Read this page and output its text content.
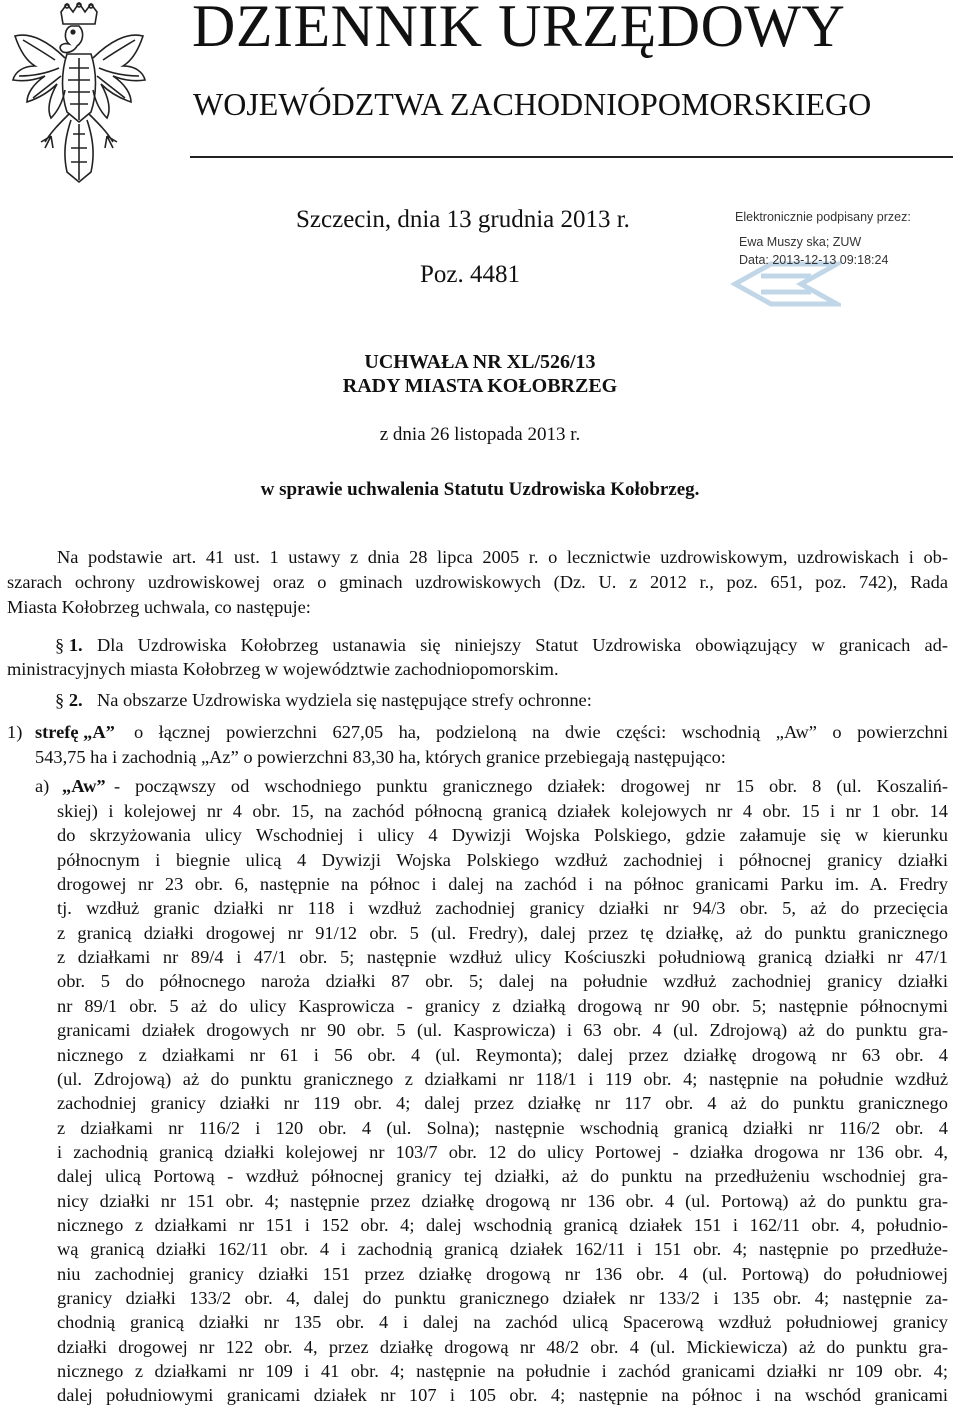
DZIENNIK URZĘDOWY
WOJEWÓDZTWA ZACHODNIOPOMORSKIEGO
Szczecin, dnia 13 grudnia 2013 r.
Poz. 4481
Elektronicznie podpisany przez:
Ewa Muszy ska; ZUW
Data: 2013-12-13 09:18:24
UCHWAŁA NR XL/526/13
RADY MIASTA KOŁOBRZEG
z dnia 26 listopada 2013 r.
w sprawie uchwalenia Statutu Uzdrowiska Kołobrzeg.
Na podstawie art. 41 ust. 1 ustawy z dnia 28 lipca 2005 r. o lecznictwie uzdrowiskowym, uzdrowiskach i ob-
szarach ochrony uzdrowiskowej oraz o gminach uzdrowiskowych (Dz. U. z 2012 r., poz. 651, poz. 742), Rada
Miasta Kołobrzeg uchwala, co następuje:
§ 1. Dla Uzdrowiska Kołobrzeg ustanawia się niniejszy Statut Uzdrowiska obowiązujący w granicach ad-
ministracyjnych miasta Kołobrzeg w województwie zachodniopomorskim.
§ 2. Na obszarze Uzdrowiska wydziela się następujące strefy ochronne:
1) strefę „A” o łącznej powierzchni 627,05 ha, podzieloną na dwie części: wschodnią „Aw” o powierzchni
543,75 ha i zachodnią „Az” o powierzchni 83,30 ha, których granice przebiegają następująco:
a) „Aw” - począwszy od wschodniego punktu granicznego działek: drogowej nr 15 obr. 8 (ul. Koszaliń-
skiej) i kolejowej nr 4 obr. 15, na zachód północną granicą działek kolejowych nr 4 obr. 15 i nr 1 obr. 14
do skrzyżowania ulicy Wschodniej i ulicy 4 Dywizji Wojska Polskiego, gdzie załamuje się w kierunku
północnym i biegnie ulicą 4 Dywizji Wojska Polskiego wzdłuż zachodniej i północnej granicy działki
drogowej nr 23 obr. 6, następnie na północ i dalej na zachód i na północ granicami Parku im. A. Fredry
tj. wzdłuż granic działki nr 118 i wzdłuż zachodniej granicy działki nr 94/3 obr. 5, aż do przecięcia
z granicą działki drogowej nr 91/12 obr. 5 (ul. Fredry), dalej przez tę działkę, aż do punktu granicznego
z działkami nr 89/4 i 47/1 obr. 5; następnie wzdłuż ulicy Kościuszki południową granicą działki nr 47/1
obr. 5 do północnego naroża działki 87 obr. 5; dalej na południe wzdłuż zachodniej granicy działki
nr 89/1 obr. 5 aż do ulicy Kasprowicza - granicy z działką drogową nr 90 obr. 5; następnie północnymi
granicami działek drogowych nr 90 obr. 5 (ul. Kasprowicza) i 63 obr. 4 (ul. Zdrojową) aż do punktu gra-
nicznego z działkami nr 61 i 56 obr. 4 (ul. Reymonta); dalej przez działkę drogową nr 63 obr. 4
(ul. Zdrojową) aż do punktu granicznego z działkami nr 118/1 i 119 obr. 4; następnie na południe wzdłuż
zachodniej granicy działki nr 119 obr. 4; dalej przez działkę nr 117 obr. 4 aż do punktu granicznego
z działkami nr 116/2 i 120 obr. 4 (ul. Solna); następnie wschodnią granicą działki nr 116/2 obr. 4
i zachodnią granicą działki kolejowej nr 103/7 obr. 12 do ulicy Portowej - działka drogowa nr 136 obr. 4,
dalej ulicą Portową - wzdłuż północnej granicy tej działki, aż do punktu na przedłużeniu wschodniej gra-
nicy działki nr 151 obr. 4; następnie przez działkę drogową nr 136 obr. 4 (ul. Portową) aż do punktu gra-
nicznego z działkami nr 151 i 152 obr. 4; dalej wschodnią granicą działek 151 i 162/11 obr. 4, południo-
wą granicą działki 162/11 obr. 4 i zachodnią granicą działek 162/11 i 151 obr. 4; następnie po przedłuże-
niu zachodniej granicy działki 151 przez działkę drogową nr 136 obr. 4 (ul. Portową) do południowej
granicy działki 133/2 obr. 4, dalej do punktu granicznego działek nr 133/2 i 135 obr. 4; następnie za-
chodnią granicą działki nr 135 obr. 4 i dalej na zachód ulicą Spacerową wzdłuż południowej granicy
działki drogowej nr 122 obr. 4, przez działkę drogową nr 48/2 obr. 4 (ul. Mickiewicza) aż do punktu gra-
nicznego z działkami nr 109 i 41 obr. 4; następnie na południe i zachód granicami działki nr 109 obr. 4;
dalej południowymi granicami działek nr 107 i 105 obr. 4; następnie na północ i na wschód granicami
